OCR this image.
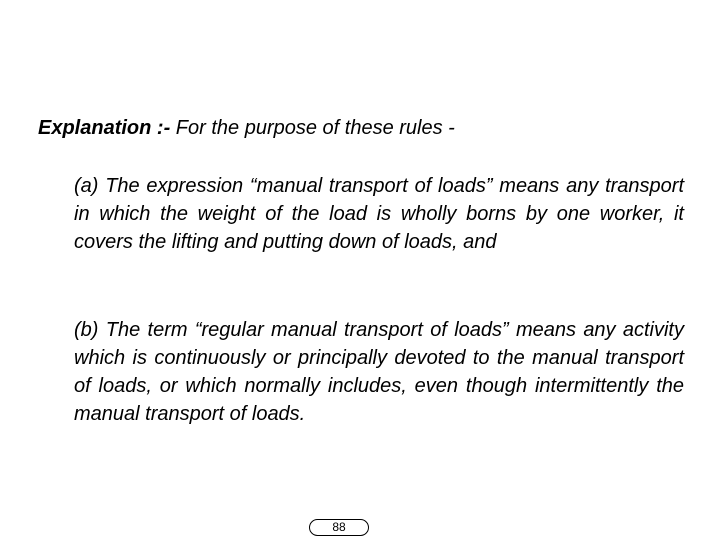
Explanation :- For the purpose of these rules -
(a) The expression “manual transport of loads” means any transport in which the weight of the load is wholly borns by one worker, it covers the lifting and putting down of loads, and
(b) The term “regular manual transport of loads” means any activity which is continuously or principally devoted to the manual transport of loads, or which normally includes, even though intermittently the manual transport of loads.
88
